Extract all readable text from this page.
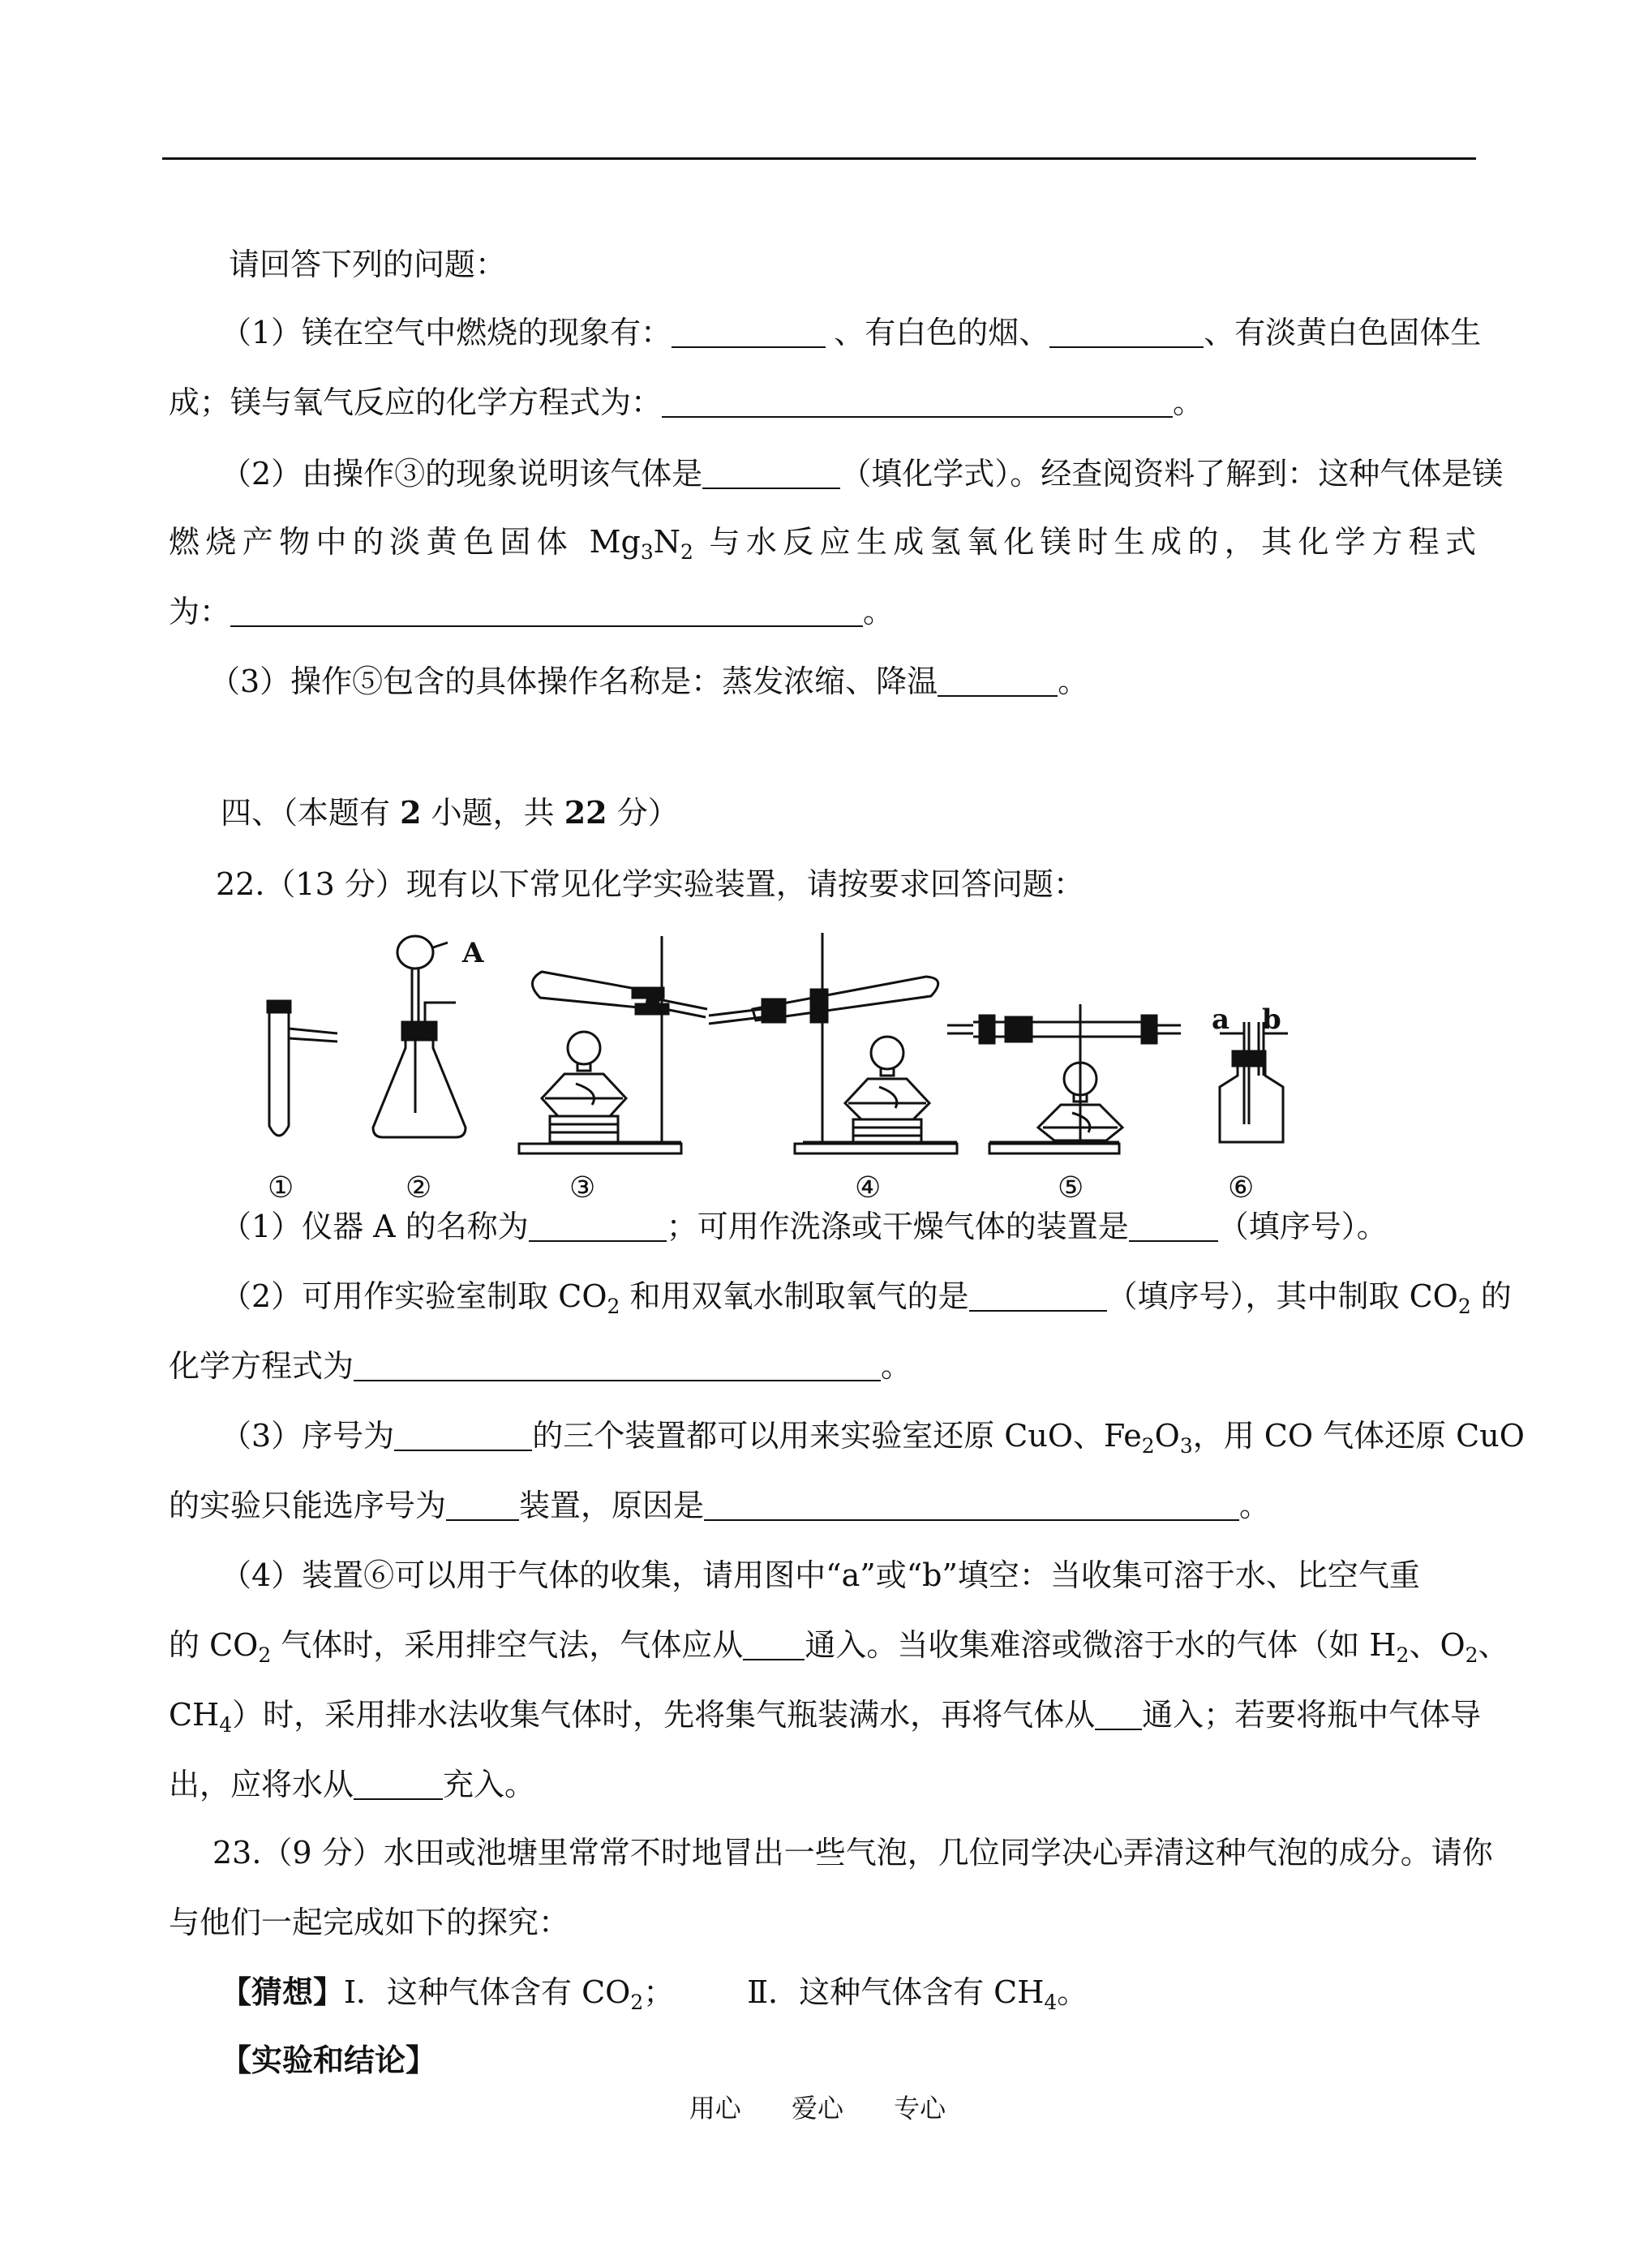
请回答下列的问题：
（1）镁在空气中燃烧的现象有：	、有白色的烟、	、有淡黄白色固体生
成；镁与氧气反应的化学方程式为：	。
（2）由操作③的现象说明该气体是	（填化学式）。经查阅资料了解到：这种气体是镁
燃烧产物中的淡黄色固体 $Mg_3N_2$ 与水反应生成氢氧化镁时生成的，其化学方程式
为：	。
（3）操作⑤包含的具体操作名称是：蒸发浓缩、降温	。
四、（本题有 2 小题，共 22 分）
22.（13 分）现有以下常见化学实验装置，请按要求回答问题：
A
a b
①	②	③	④	⑤	⑥
（1）仪器 A 的名称为	；可用作洗涤或干燥气体的装置是	（填序号）。
（2）可用作实验室制取 $CO_2$ 和用双氧水制取氧气的是	（填序号），其中制取 $CO_2$ 的
化学方程式为	。
（3）序号为	的三个装置都可以用来实验室还原 CuO、$Fe_2O_3$，用 CO 气体还原 CuO
的实验只能选序号为 装置，原因是	。
（4）装置⑥可以用于气体的收集，请用图中“a”或“b”填空：当收集可溶于水、比空气重
的 $CO_2$ 气体时，采用排空气法，气体应从 通入。当收集难溶或微溶于水的气体（如 $H_2$、$O_2$、
$CH_4$）时，采用排水法收集气体时，先将集气瓶装满水，再将气体从 通入；若要将瓶中气体导
出，应将水从	充入。
23.（9 分）水田或池塘里常常不时地冒出一些气泡，几位同学决心弄清这种气泡的成分。请你
与他们一起完成如下的探究：
【猜想】Ⅰ．这种气体含有 $CO_2$； Ⅱ．这种气体含有 $CH_4$。
【实验和结论】
用心 爱心 专心
